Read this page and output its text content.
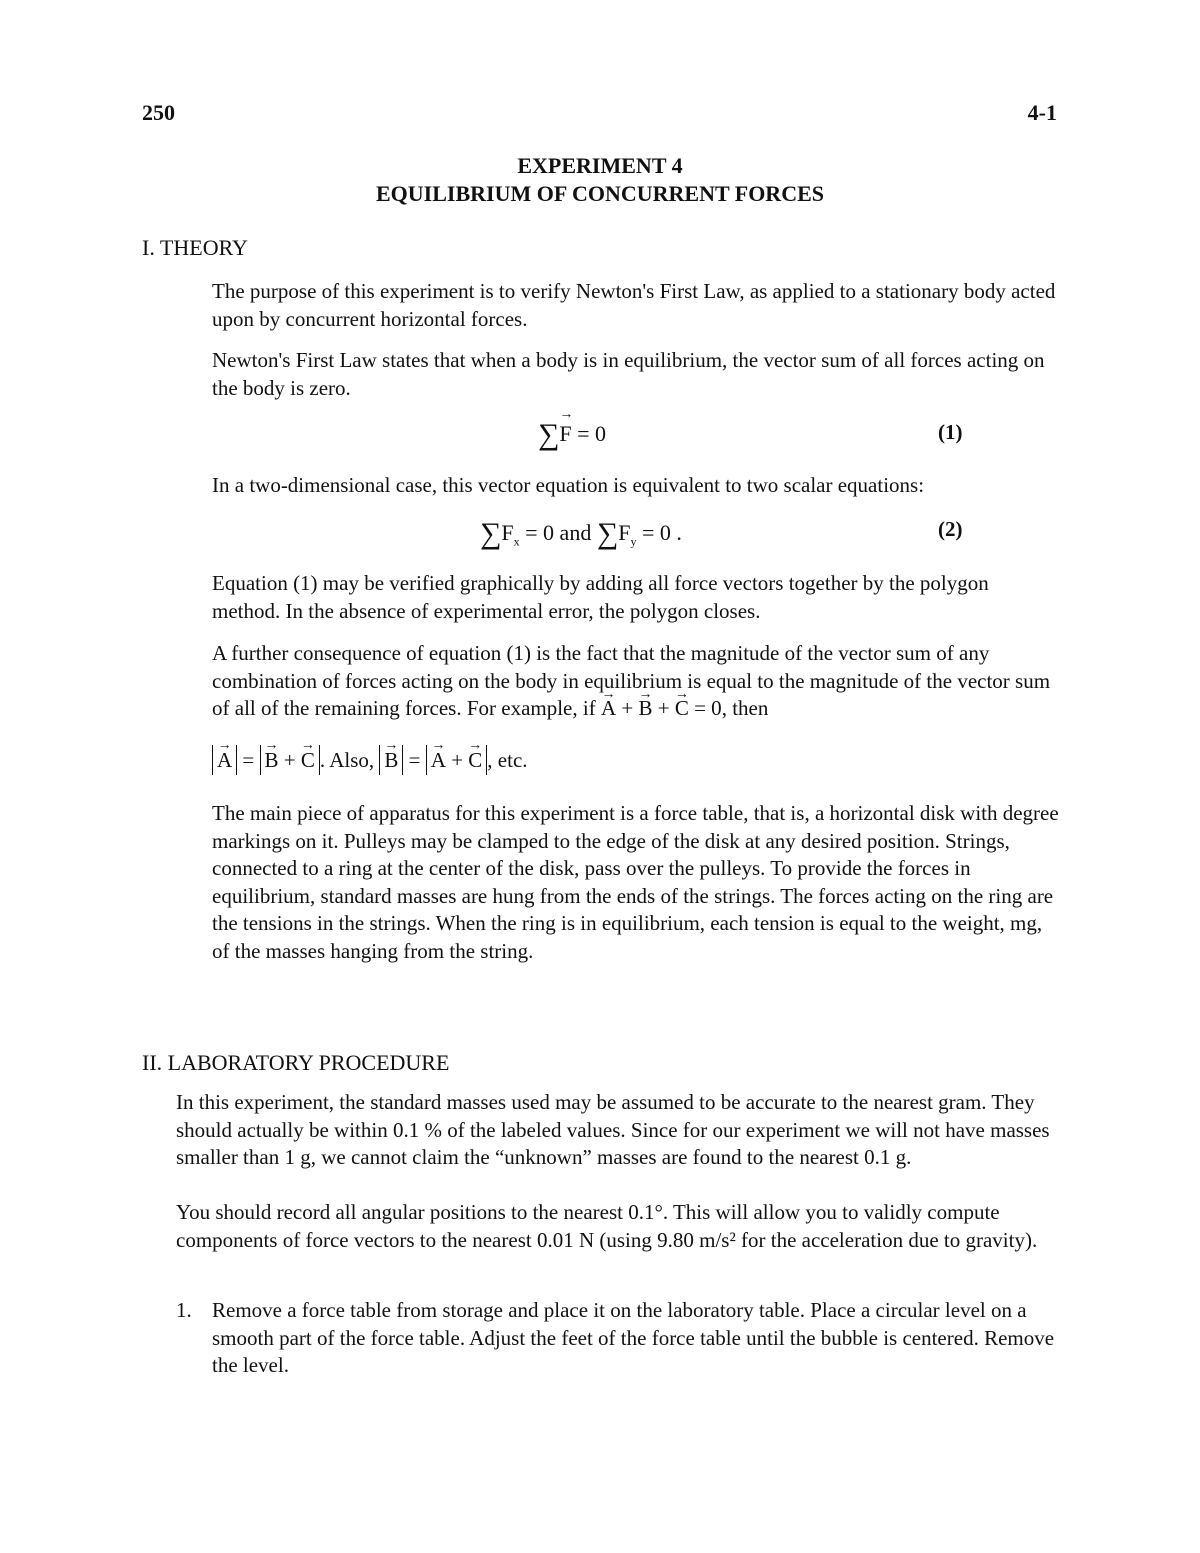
250	4-1
EXPERIMENT 4
EQUILIBRIUM OF CONCURRENT FORCES
I. THEORY
The purpose of this experiment is to verify Newton's First Law, as applied to a stationary body acted upon by concurrent horizontal forces.
Newton's First Law states that when a body is in equilibrium, the vector sum of all forces acting on the body is zero.
∑→ F = 0	(1)
In a two-dimensional case, this vector equation is equivalent to two scalar equations:
$\sum F_x = 0$ and $\sum F_y = 0$ .	(2)
Equation (1) may be verified graphically by adding all force vectors together by the polygon method. In the absence of experimental error, the polygon closes.
A further consequence of equation (1) is the fact that the magnitude of the vector sum of any combination of forces acting on the body in equilibrium is equal to the magnitude of the vector sum of all of the remaining forces. For example, if → A + → B + → C = 0, then
→ A = → B + → C . Also, → B = → A + → C , etc.
The main piece of apparatus for this experiment is a force table, that is, a horizontal disk with degree markings on it. Pulleys may be clamped to the edge of the disk at any desired position. Strings, connected to a ring at the center of the disk, pass over the pulleys. To provide the forces in equilibrium, standard masses are hung from the ends of the strings. The forces acting on the ring are the tensions in the strings. When the ring is in equilibrium, each tension is equal to the weight, mg, of the masses hanging from the string.
II. LABORATORY PROCEDURE
In this experiment, the standard masses used may be assumed to be accurate to the nearest gram. They should actually be within 0.1 % of the labeled values. Since for our experiment we will not have masses smaller than 1 g, we cannot claim the “unknown” masses are found to the nearest 0.1 g.
You should record all angular positions to the nearest 0.1°. This will allow you to validly compute components of force vectors to the nearest 0.01 N (using 9.80 m/s² for the acceleration due to gravity).
1. Remove a force table from storage and place it on the laboratory table. Place a circular level on a smooth part of the force table. Adjust the feet of the force table until the bubble is centered. Remove the level.
